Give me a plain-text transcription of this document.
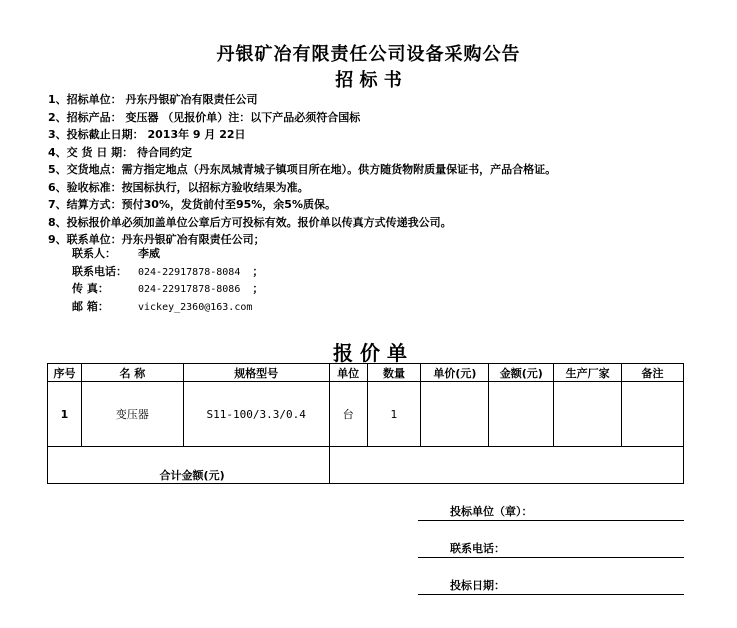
丹银矿冶有限责任公司设备采购公告
招 标 书
1、招标单位： 丹东丹银矿冶有限责任公司
2、招标产品： 变压器 （见报价单）注：以下产品必须符合国标
3、投标截止日期： 2013年 9 月 22日
4、交 货 日 期： 待合同约定
5、交货地点：需方指定地点（丹东凤城青城子镇项目所在地）。供方随货物附质量保证书，产品合格证。
6、验收标准：按国标执行，以招标方验收结果为准。
7、结算方式：预付30%，发货前付至95%，余5%质保。
8、投标报价单必须加盖单位公章后方可投标有效。报价单以传真方式传递我公司。
9、联系单位：丹东丹银矿冶有限责任公司；
联系人： 李威
联系电话： 024-22917878-8084 ；
传 真：	024-22917878-8086 ；
邮 箱：	vickey_2360@163.com
报 价 单
序号	名 称	规格型号	单位	数量	单价(元)	金额(元)	生产厂家	备注
1	变压器	S11-100/3.3/0.4	台	1				

合计金额(元)								

投标单位（章）：
联系电话：
投标日期：
